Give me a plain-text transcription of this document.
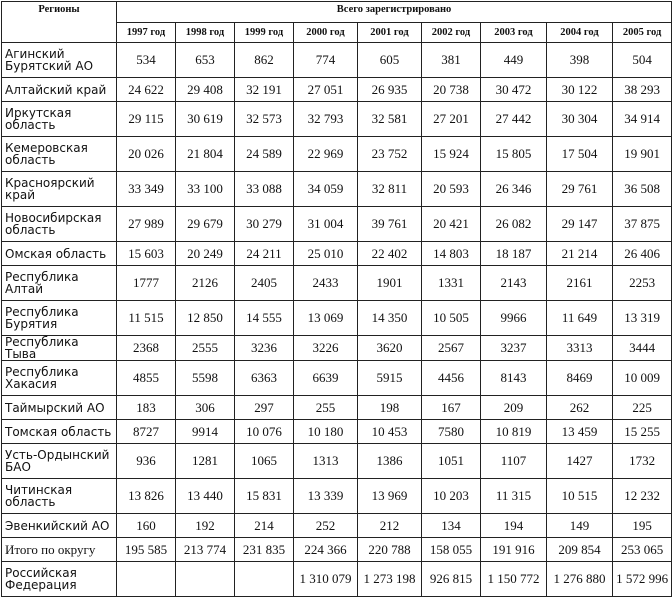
Регионы	Всего зарегистрировано								
	1997 год	1998 год	1999 год	2000 год	2001 год	2002 год	2003 год	2004 год	2005 год
Агинский Бурятский АО	534	653	862	774	605	381	449	398	504
Алтайский край	24 622	29 408	32 191	27 051	26 935	20 738	30 472	30 122	38 293
Иркутская область	29 115	30 619	32 573	32 793	32 581	27 201	27 442	30 304	34 914
Кемеровская область	20 026	21 804	24 589	22 969	23 752	15 924	15 805	17 504	19 901
Красноярский край	33 349	33 100	33 088	34 059	32 811	20 593	26 346	29 761	36 508
Новосибирская область	27 989	29 679	30 279	31 004	39 761	20 421	26 082	29 147	37 875
Омская область	15 603	20 249	24 211	25 010	22 402	14 803	18 187	21 214	26 406
Республика Алтай	1777	2126	2405	2433	1901	1331	2143	2161	2253
Республика Бурятия	11 515	12 850	14 555	13 069	14 350	10 505	9966	11 649	13 319
Республика Тыва	2368	2555	3236	3226	3620	2567	3237	3313	3444
Республика Хакасия	4855	5598	6363	6639	5915	4456	8143	8469	10 009
Таймырский АО	183	306	297	255	198	167	209	262	225
Томская область	8727	9914	10 076	10 180	10 453	7580	10 819	13 459	15 255
Усть-Ордынский БАО	936	1281	1065	1313	1386	1051	1107	1427	1732
Читинская область	13 826	13 440	15 831	13 339	13 969	10 203	11 315	10 515	12 232
Эвенкийский АО	160	192	214	252	212	134	194	149	195
Итого по округу	195 585	213 774	231 835	224 366	220 788	158 055	191 916	209 854	253 065
Российская Федерация				1 310 079	1 273 198	926 815	1 150 772	1 276 880	1 572 996
